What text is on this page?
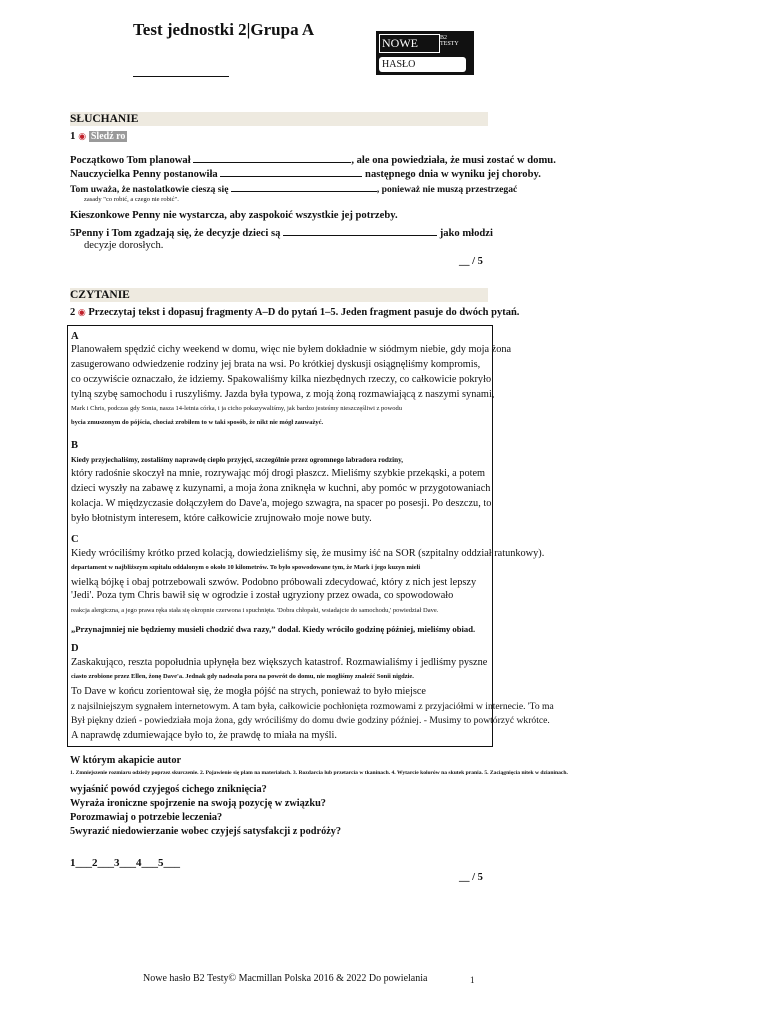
Test jednostki 2|Grupa A
NOWE	B2
TESTY
HASŁO
SŁUCHANIE
1 ◉ Śledź ro
Początkowo Tom planował	, ale ona powiedziała, że musi zostać w domu.
Nauczycielka Penny postanowiła	następnego dnia w wyniku jej choroby.
Tom uważa, że nastolatkowie cieszą się	, ponieważ nie muszą przestrzegać
zasady "co robić, a czego nie robić".
Kieszonkowe Penny nie wystarcza, aby zaspokoić wszystkie jej potrzeby.
5Penny i Tom zgadzają się, że decyzje dzieci są	jako młodzi
decyzje dorosłych.
__ / 5
CZYTANIE
2 ◉ Przeczytaj tekst i dopasuj fragmenty A–D do pytań 1–5. Jeden fragment pasuje do dwóch pytań.
A
Planowałem spędzić cichy weekend w domu, więc nie byłem dokładnie w siódmym niebie, gdy moja żona
zasugerowano odwiedzenie rodziny jej brata na wsi. Po krótkiej dyskusji osiągnęliśmy kompromis,
co oczywiście oznaczało, że idziemy. Spakowaliśmy kilka niezbędnych rzeczy, co całkowicie pokryło
tylną szybę samochodu i ruszyliśmy. Jazda była typowa, z moją żoną rozmawiającą z naszymi synami,
Mark i Chris, podczas gdy Sonia, nasza 14-letnia córka, i ja cicho pokazywaliśmy, jak bardzo jesteśmy nieszczęśliwi z powodu
bycia zmuszonym do pójścia, chociaż zrobiłem to w taki sposób, że nikt nie mógł zauważyć.
B
Kiedy przyjechaliśmy, zostaliśmy naprawdę ciepło przyjęci, szczególnie przez ogromnego labradora rodziny,
który radośnie skoczył na mnie, rozrywając mój drogi płaszcz. Mieliśmy szybkie przekąski, a potem
dzieci wyszły na zabawę z kuzynami, a moja żona zniknęła w kuchni, aby pomóc w przygotowaniach
kolacja. W międzyczasie dołączyłem do Dave'a, mojego szwagra, na spacer po posesji. Po deszczu, to
było błotnistym interesem, które całkowicie zrujnowało moje nowe buty.
C
Kiedy wróciliśmy krótko przed kolacją, dowiedzieliśmy się, że musimy iść na SOR (szpitalny oddział ratunkowy).
departament w najbliższym szpitalu oddalonym o około 10 kilometrów. To było spowodowane tym, że Mark i jego kuzyn mieli
wielką bójkę i obaj potrzebowali szwów. Podobno próbowali zdecydować, który z nich jest lepszy
'Jedi'. Poza tym Chris bawił się w ogrodzie i został ugryziony przez owada, co spowodowało
reakcja alergiczna, a jego prawa ręka stała się okropnie czerwona i spuchnięta. 'Dobra chłopaki, wsiadajcie do samochodu,' powiedział Dave.
„Przynajmniej nie będziemy musieli chodzić dwa razy,” dodał. Kiedy wróciło godzinę później, mieliśmy obiad.
D
Zaskakująco, reszta popołudnia upłynęła bez większych katastrof. Rozmawialiśmy i jedliśmy pyszne
ciasto zrobione przez Ellen, żonę Dave'a. Jednak gdy nadeszła pora na powrót do domu, nie mogliśmy znaleźć Sonii nigdzie.
To Dave w końcu zorientował się, że mogła pójść na strych, ponieważ to było miejsce
z najsilniejszym sygnałem internetowym. A tam była, całkowicie pochłonięta rozmowami z przyjaciółmi w internecie. 'To ma
Był piękny dzień - powiedziała moja żona, gdy wróciliśmy do domu dwie godziny później. - Musimy to powtórzyć wkrótce.
A naprawdę zdumiewające było to, że prawdę to miała na myśli.
W którym akapicie autor
1. Zmniejszenie rozmiaru odzieży poprzez skurczenie. 2. Pojawienie się plam na materiałach. 3. Rozdarcia lub przetarcia w tkaninach. 4. Wytarcie kolorów na skutek prania. 5. Zaciągnięcia nitek w dzianinach.
wyjaśnić powód czyjegoś cichego zniknięcia?
Wyraża ironiczne spojrzenie na swoją pozycję w związku?
Porozmawiaj o potrzebie leczenia?
5wyrazić niedowierzanie wobec czyjejś satysfakcji z podróży?
1___2___3___4___5___
__ / 5
Nowe hasło B2 Testy© Macmillan Polska 2016 & 2022 Do powielania	1
